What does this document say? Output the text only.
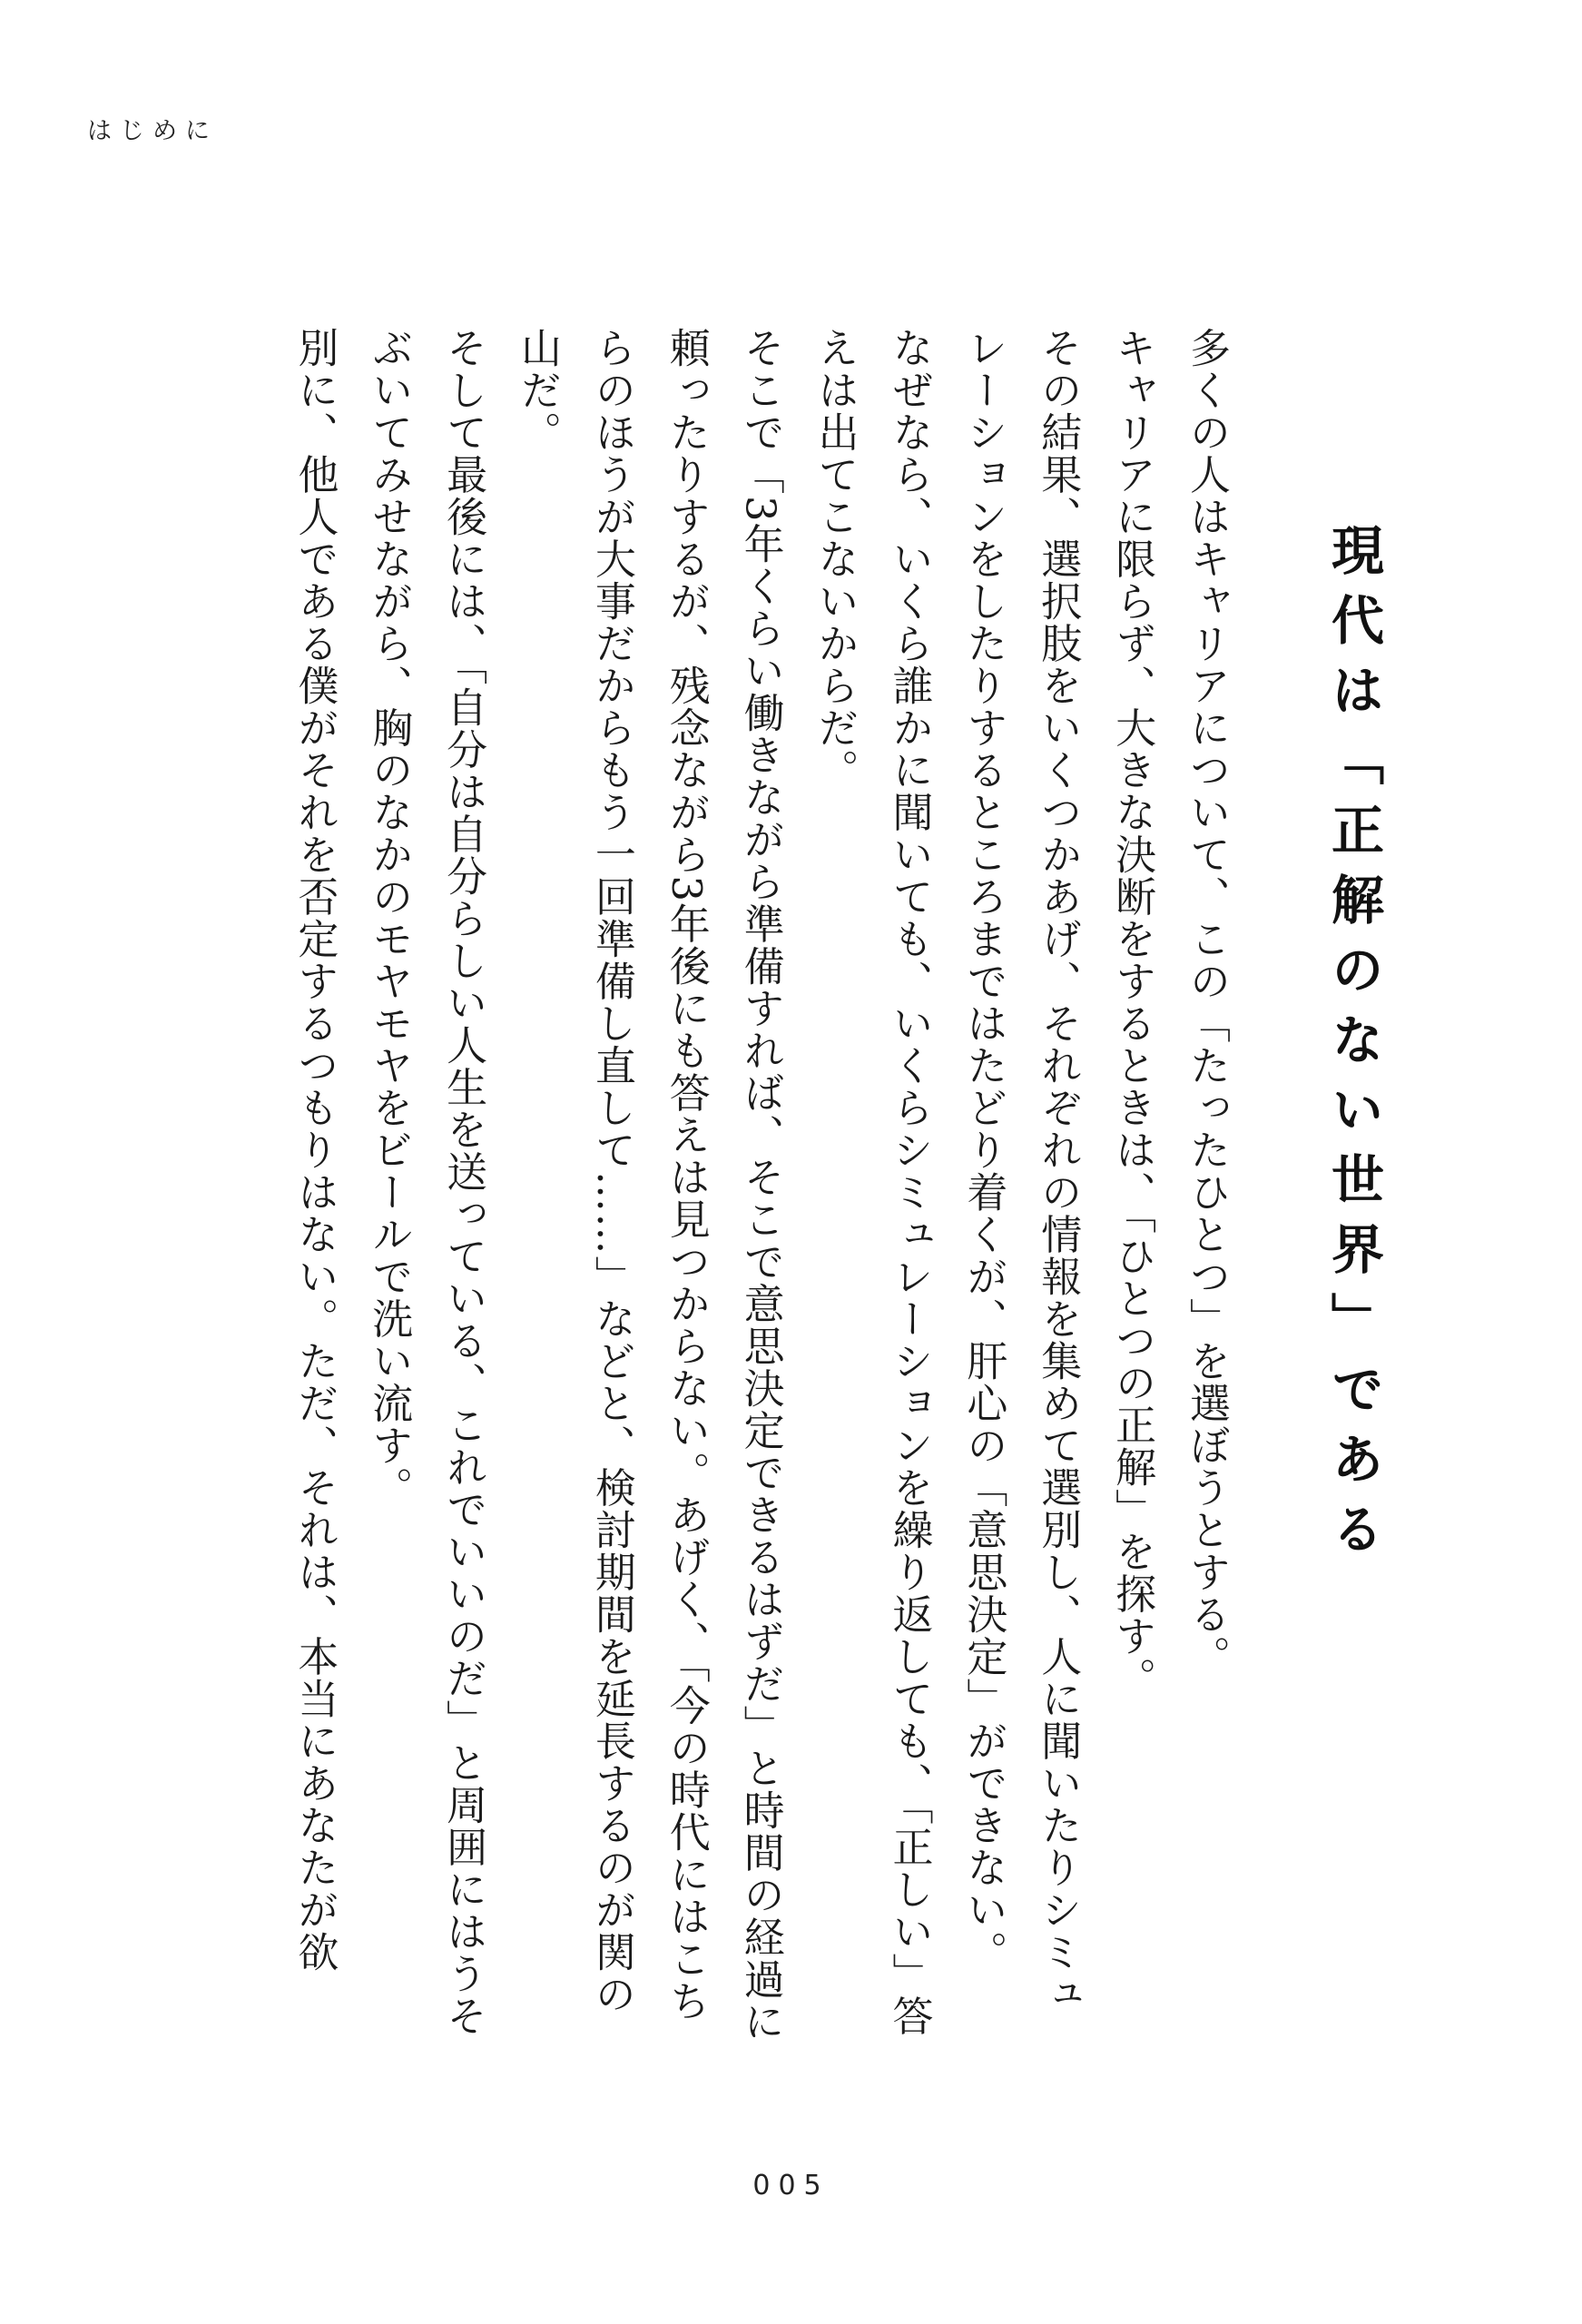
はじめに
現代は「正解のない世界」である

多くの人はキャリアについて、この「たったひとつ」を選ぼうとする。

キャリアに限らず、大きな決断をするときは、「ひとつの正解」を探す。

その結果、選択肢をいくつかあげ、それぞれの情報を集めて選別し、人に聞いたりシミュレーションをしたりするところまではたどり着くが、肝心の「意思決定」ができない。

なぜなら、いくら誰かに聞いても、いくらシミュレーションを繰り返しても、「正しい」答えは出てこないからだ。

そこで「3年くらい働きながら準備すれば、そこで意思決定できるはずだ」と時間の経過に頼ったりするが、残念ながら3年後にも答えは見つからない。あげく、「今の時代にはこちらのほうが大事だからもう一回準備し直して……」などと、検討期間を延長するのが関の山だ。

そして最後には、「自分は自分らしい人生を送っている、これでいいのだ」と周囲にはうそぶいてみせながら、胸のなかのモヤモヤをビールで洗い流す。

別に、他人である僕がそれを否定するつもりはない。ただ、それは、本当にあなたが欲

005
